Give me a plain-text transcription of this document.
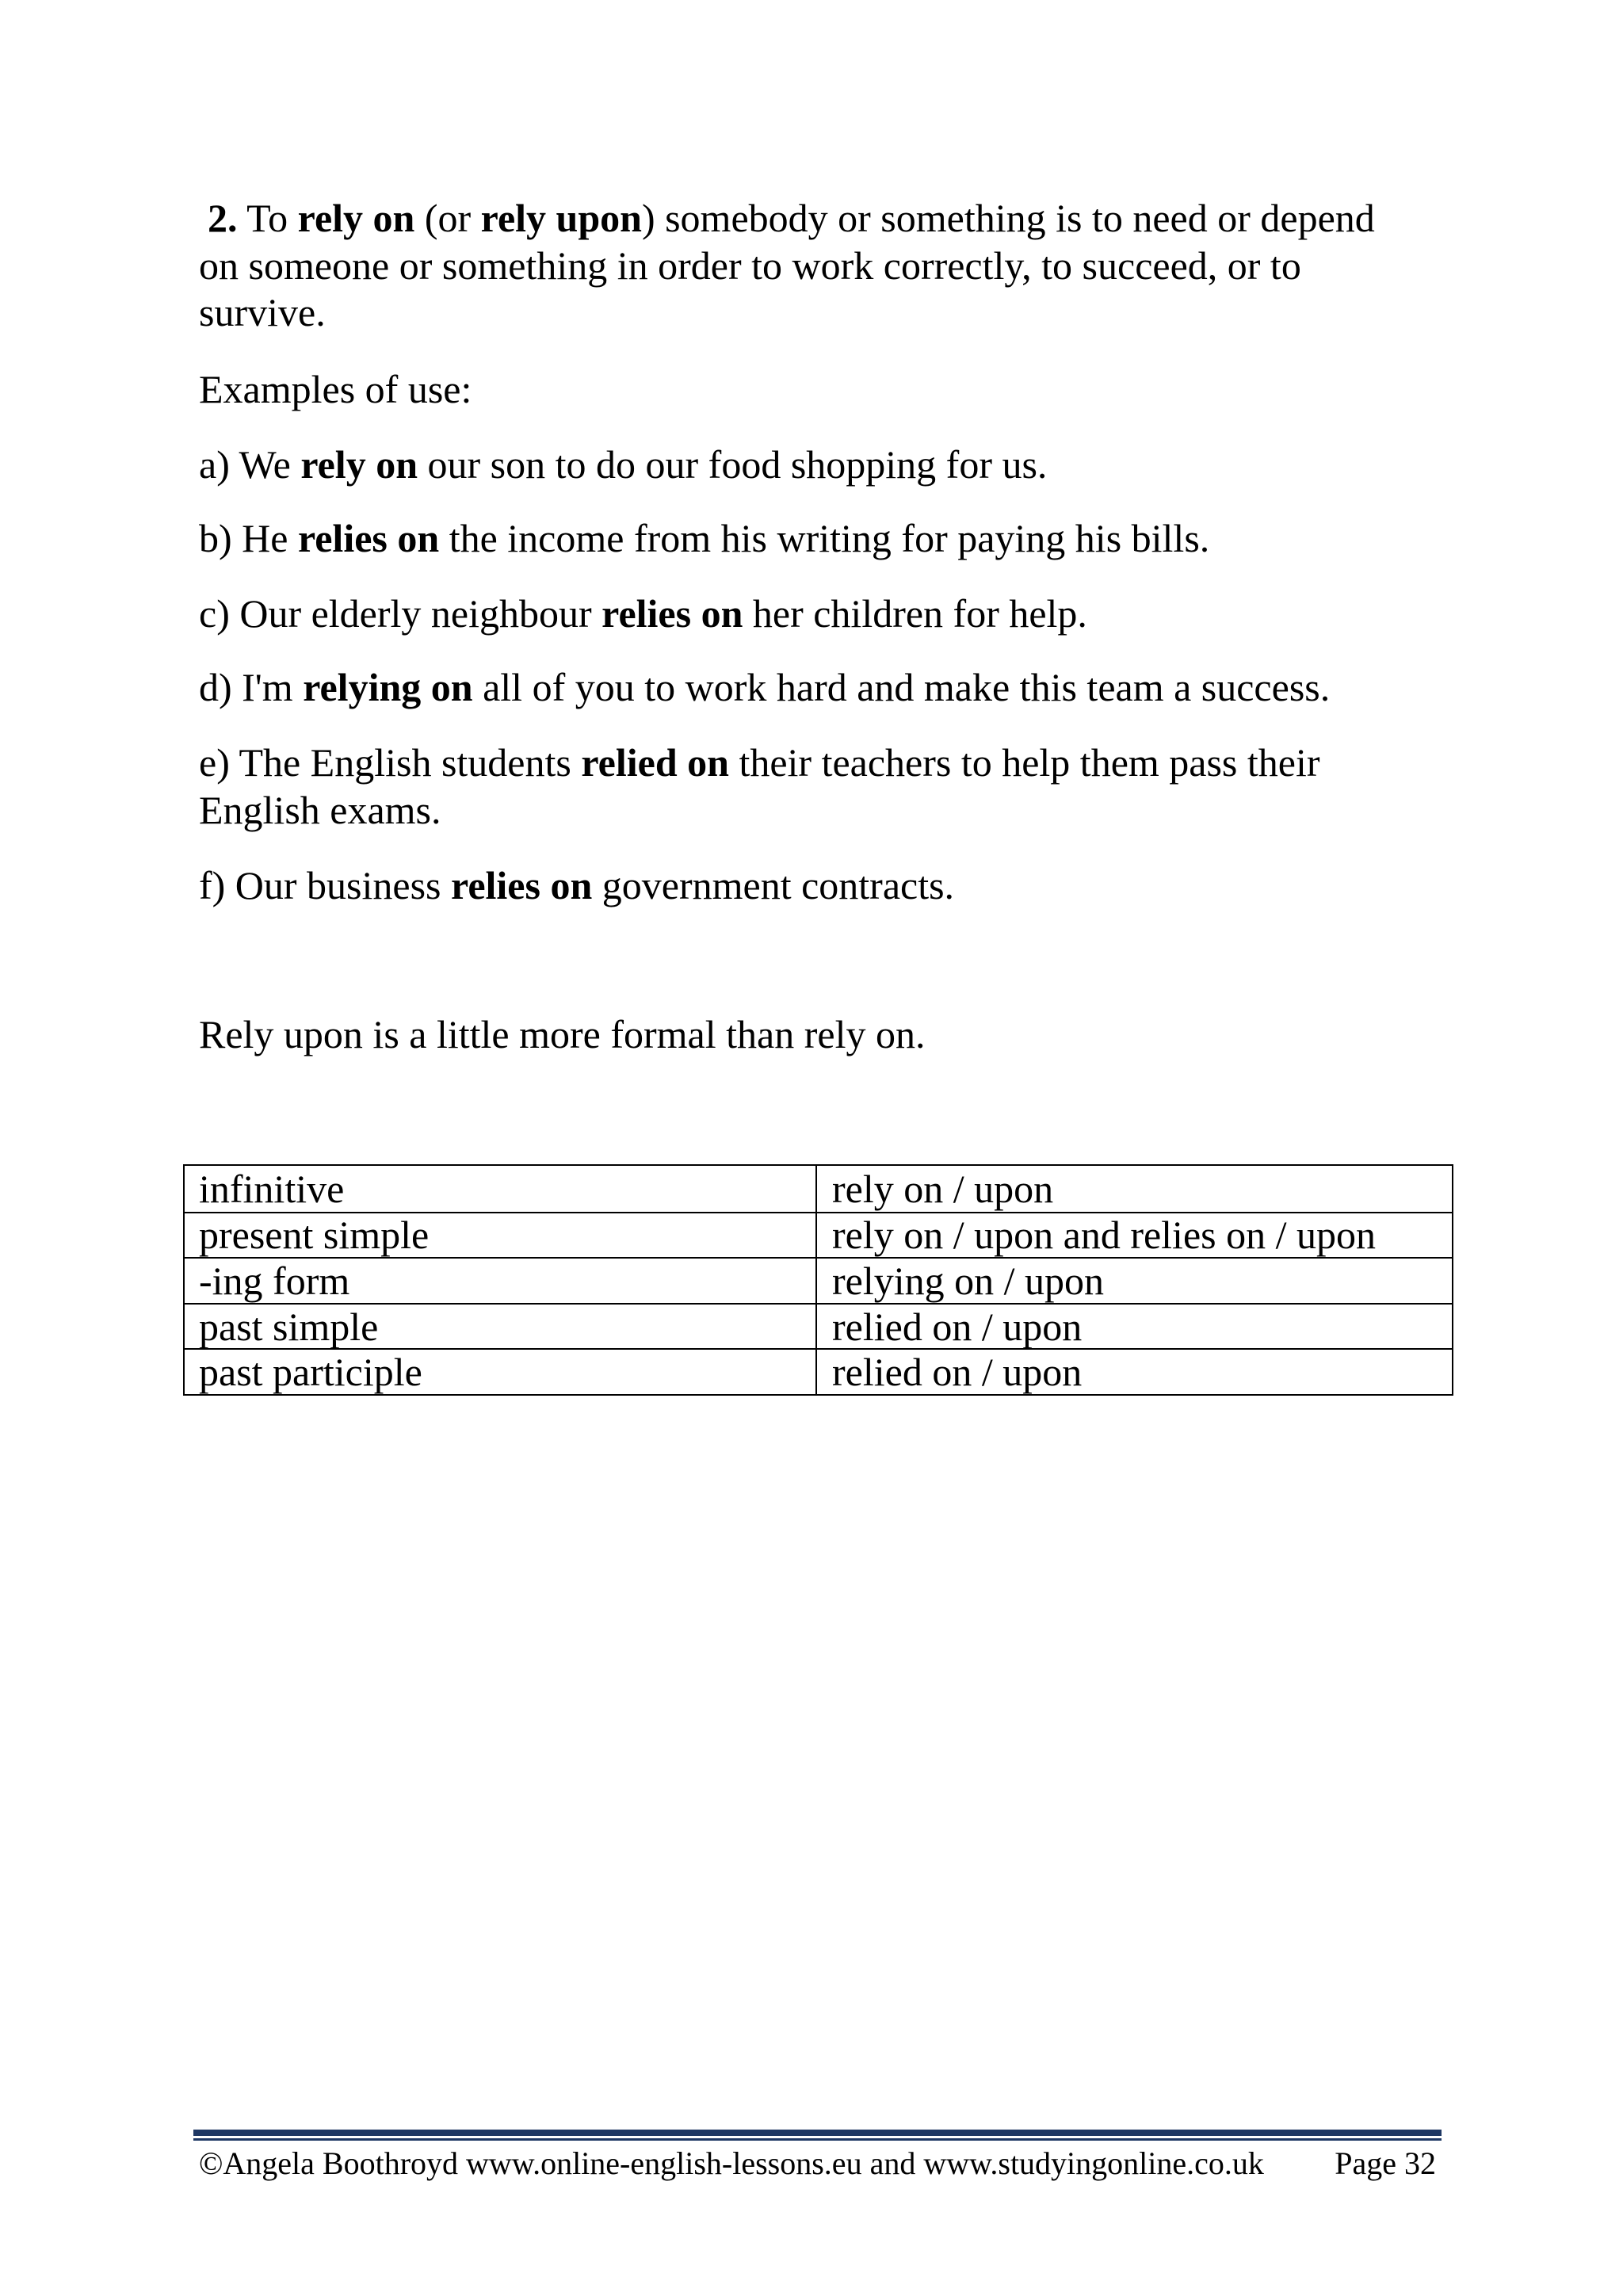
2. To rely on (or rely upon ) somebody or something is to need or depend
on someone or something in order to work correctly, to succeed, or to
survive.
Examples of use:
a) We rely on our son to do our food shopping for us.
b) He relies on the income from his writing for paying his bills.
c) Our elderly neighbour relies on her children for help.
d) I'm relying on all of you to work hard and make this team a success.
e) The English students relied on their teachers to help them pass their
English exams.
f) Our business relies on government contracts.
Rely upon is a little more formal than rely on.
infinitive	rely on / upon
present simple	rely on / upon and relies on / upon
-ing form	relying on / upon
past simple	relied on / upon
past participle	relied on / upon
©Angela Boothroyd www.online-english-lessons.eu and www.studyingonline.co.uk Page 32
